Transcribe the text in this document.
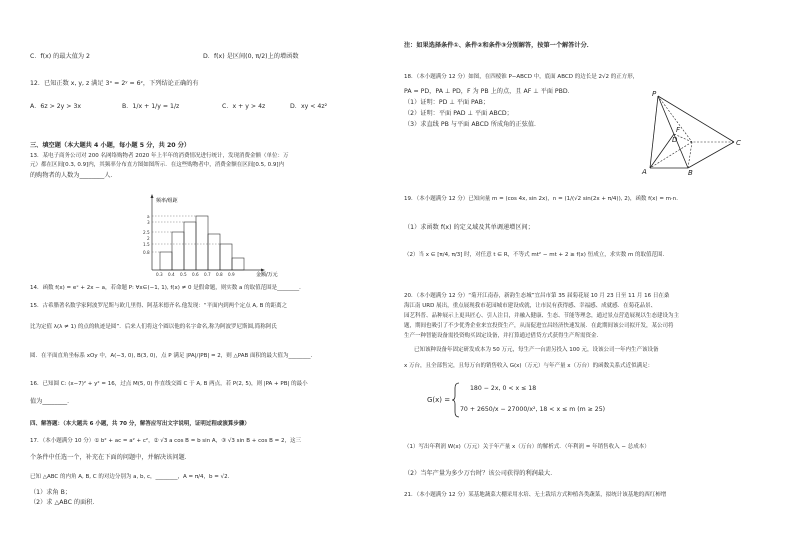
C．f(x) 的最大值为 2	D．f(x) 是区间(0, π/2)上的增函数
12．已知正数 x, y, z 满足 3ˣ = 2ʸ = 6ᶻ，下列结论正确的有
A．6z > 2y > 3x	B．1/x + 1/y = 1/z	C．x + y > 4z	D．xy < 4z²
三、填空题（本大题共 4 小题，每小题 5 分，共 20 分）
13．某电子商务公司对 200 名网络购物者 2020 年上半年的消费情况进行统计，发现消费金额（单位：万
元）都在区间[0.3, 0.9]内，其频率分布直方图如图所示．在这些购物者中，消费金额在区间[0.5, 0.9]内
的购物者的人数为________人．
频率/组距
金额/万元
a
3
2.5
2
1.5
0.8
0.3 0.4 0.5 0.6 0.7 0.8 0.9
14．函数 f(x) = eˣ + 2x − a，若命题 P: ∀x∈(−1, 1), f(x) ≠ 0 是假命题，则实数 a 的取值范围是________．
15．古希腊著名数学家阿波罗尼斯与欧几里得、阿基米德齐名.他发现：“平面内到两个定点 A, B 的距离之
比为定值 λ(λ ≠ 1) 的点的轨迹是圆”．后来人们将这个圆以他的名字命名,称为阿波罗尼斯圆,简称阿氏
圆．在平面直角坐标系 xOy 中，A(−3, 0), B(3, 0)，点 P 满足 |PA|/|PB| = 2，则 △PAB 面积的最大值为________．
16．已知圆 C: (x−7)² + y² = 16，过点 M(5, 0) 作直线交圆 C 于 A, B 两点，若 P(2, 5)，则 |PA + PB| 的最小
值为________．
四、解答题：（本大题共 6 小题，共 70 分，解答应写出文字说明，证明过程或演算步骤）
17．（本小题满分 10 分）① b² + ac = a² + c²，② √3 a cos B = b sin A，③ √3 sin B + cos B = 2，这三
个条件中任选一个，补充在下面的问题中，并解决该问题．
已知 △ABC 的内角 A, B, C 的对边分别为 a, b, c，________，A = π/4，b = √2．
（1）求角 B；
（2）求 △ABC 的面积．
注：如果选择条件①、条件②和条件③分别解答，按第一个解答计分．
18．（本小题满分 12 分）如图，在四棱锥 P−ABCD 中，底面 ABCD 的边长是 2√2 的正方形，
PA = PD，PA ⊥ PD，F 为 PB 上的点，且 AF ⊥ 平面 PBD．
（1）证明：PD ⊥ 平面 PAB；
（2）证明：平面 PAD ⊥ 平面 ABCD；
（3）求直线 PB 与平面 ABCD 所成角的正弦值．
P
A	B
C
D
F
19．（本小题满分 12 分）已知向量 m = (cos 4x, sin 2x)，n = (1/(√2 sin(2x + π/4)), 2)，函数 f(x) = m·n．
（1）求函数 f(x) 的定义域及其单调递增区间；
（2）当 x ∈ [π/4, π/3] 时，对任意 t ∈ R，不等式 mt² − mt + 2 ≥ f(x) 恒成立，求实数 m 的取值范围．
20．（本小题满分 12 分）“菊开江南春，新韵生态城”宜昌市第 35 届菊花展 10 月 23 日至 11 月 16 日在桑
海江南 URD 展出，重点展现我市花园城市建设成就，让市民有获得感、幸福感、成就感．在菊花品景、
园艺科普、品种展示上更具匠心、引人注目，并融入健康、生态、节能等理念，通过景点营造展现以生态建设为主
题，期间也吸引了不少优秀企业来宜投资生产，从而促进宜昌经济快速发展．在此期间该公司拟开发，某公司将
生产一种智能设备需投资购买固定设备，并打算通过借贷方式获得生产所需资金．
已知该种设备年固定研发成本为 50 万元，每生产一台需另投入 100 元，设该公司一年内生产该设备
x 万台，且全部售完，且每万台的销售收入 G(x)（万元）与年产量 x（万台）的函数关系式近似满足：
G(x) =
180 − 2x, 0 < x ≤ 18
70 + 2650/x − 27000/x², 18 < x ≤ m (m ≥ 25)
（1）写出年利润 W(x)（万元）关于年产量 x（万台）的解析式．（年利润 = 年销售收入 − 总成本）
（2）当年产量为多少万台时？该公司获得的利润最大．
21．（本小题满分 12 分）某基地蔬菜大棚采用水培、无土栽培方式种植各类蔬菜，拟统计该基地的西红柿增
